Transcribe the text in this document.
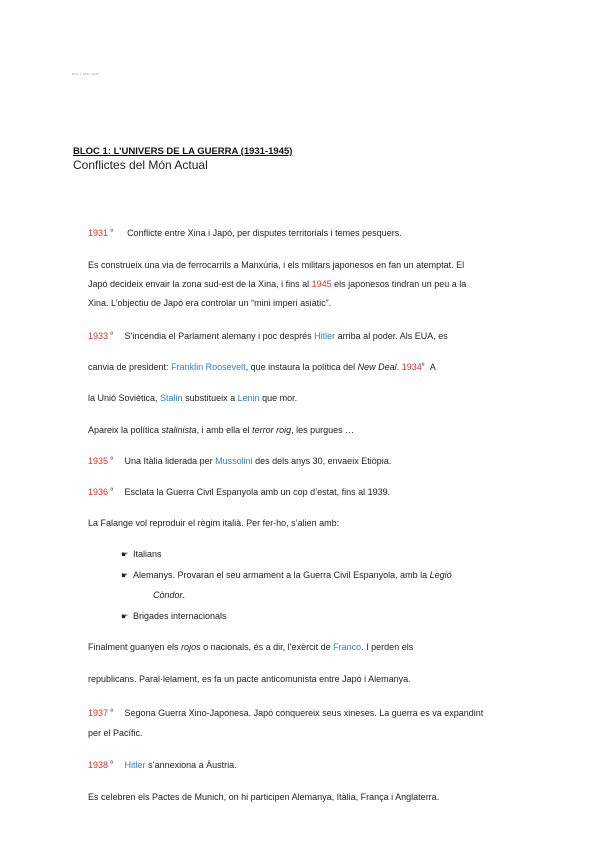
Bloc 1 1931-1945
BLOC 1: L’UNIVERS DE LA GUERRA (1931-1945)
Conflictes del Món Actual
1931 º Conflicte entre Xina i Japó, per disputes territorials i temes pesquers.
Es construeix una via de ferrocarrils a Manxúria, i els militars japonesos en fan un atemptat. El
Japó decideix envair la zona sud-est de la Xina, i fins al 1945 els japonesos tindran un peu a la
Xina. L’objectiu de Japó era controlar un “mini imperi asiàtic”.
1933 º S’incendia el Parlament alemany i poc després Hitler arriba al poder. Als EUA, es
canvia de president: Franklin Roosevelt, que instaura la política del New Deal. 1934º A
la Unió Soviètica, Stalin substitueix a Lenin que mor.
Apareix la política stalinista, i amb ella el terror roig, les purgues …
1935 º Una Itàlia liderada per Mussolini des dels anys 30, envaeix Etiòpia.
1936 º Esclata la Guerra Civil Espanyola amb un cop d’estat, fins al 1939.
La Falange vol reproduir el règim italià. Per fer-ho, s’alien amb:
☛ Italians
☛ Alemanys. Provaran el seu armament a la Guerra Civil Espanyola, amb la Legió
Còndor.
☛ Brigades internacionals
Finalment guanyen els rojos o nacionals, és a dir, l’exèrcit de Franco. I perden els
republicans. Paral·lelament, es fa un pacte anticomunista entre Japó i Alemanya.
1937 º Segona Guerra Xino-Japonesa. Japó conquereix seus xineses. La guerra es va expandint
per el Pacífic.
1938 º Hitler s’annexiona a Àustria.
Es celebren els Pactes de Munich, on hi participen Alemanya, Itàlia, França i Anglaterra.
